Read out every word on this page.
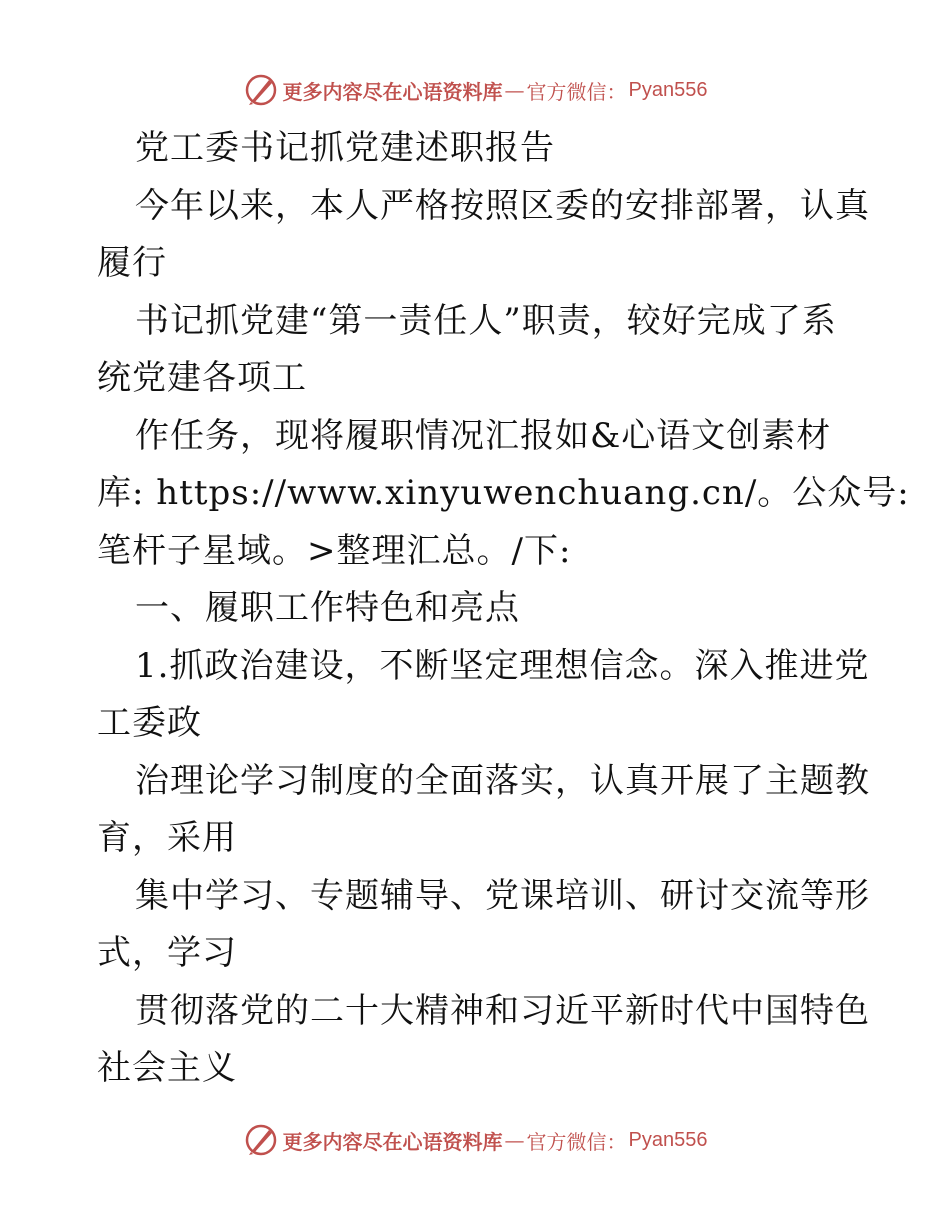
更多内容尽在心语资料库 — 官方微信： Pyan556
党工委书记抓党建述职报告
今年以来，本人严格按照区委的安排部署，认真
履行
书记抓党建“第一责任人”职责，较好完成了系
统党建各项工
作任务，现将履职情况汇报如&心语文创素材
库: https://www.xinyuwenchuang.cn/。公众号:
笔杆子星域。>整理汇总。/下:
一、履职工作特色和亮点
1.抓政治建设，不断坚定理想信念。深入推进党
工委政
治理论学习制度的全面落实，认真开展了主题教
育，采用
集中学习、专题辅导、党课培训、研讨交流等形
式，学习
贯彻落党的二十大精神和习近平新时代中国特色
社会主义
更多内容尽在心语资料库 — 官方微信： Pyan556
